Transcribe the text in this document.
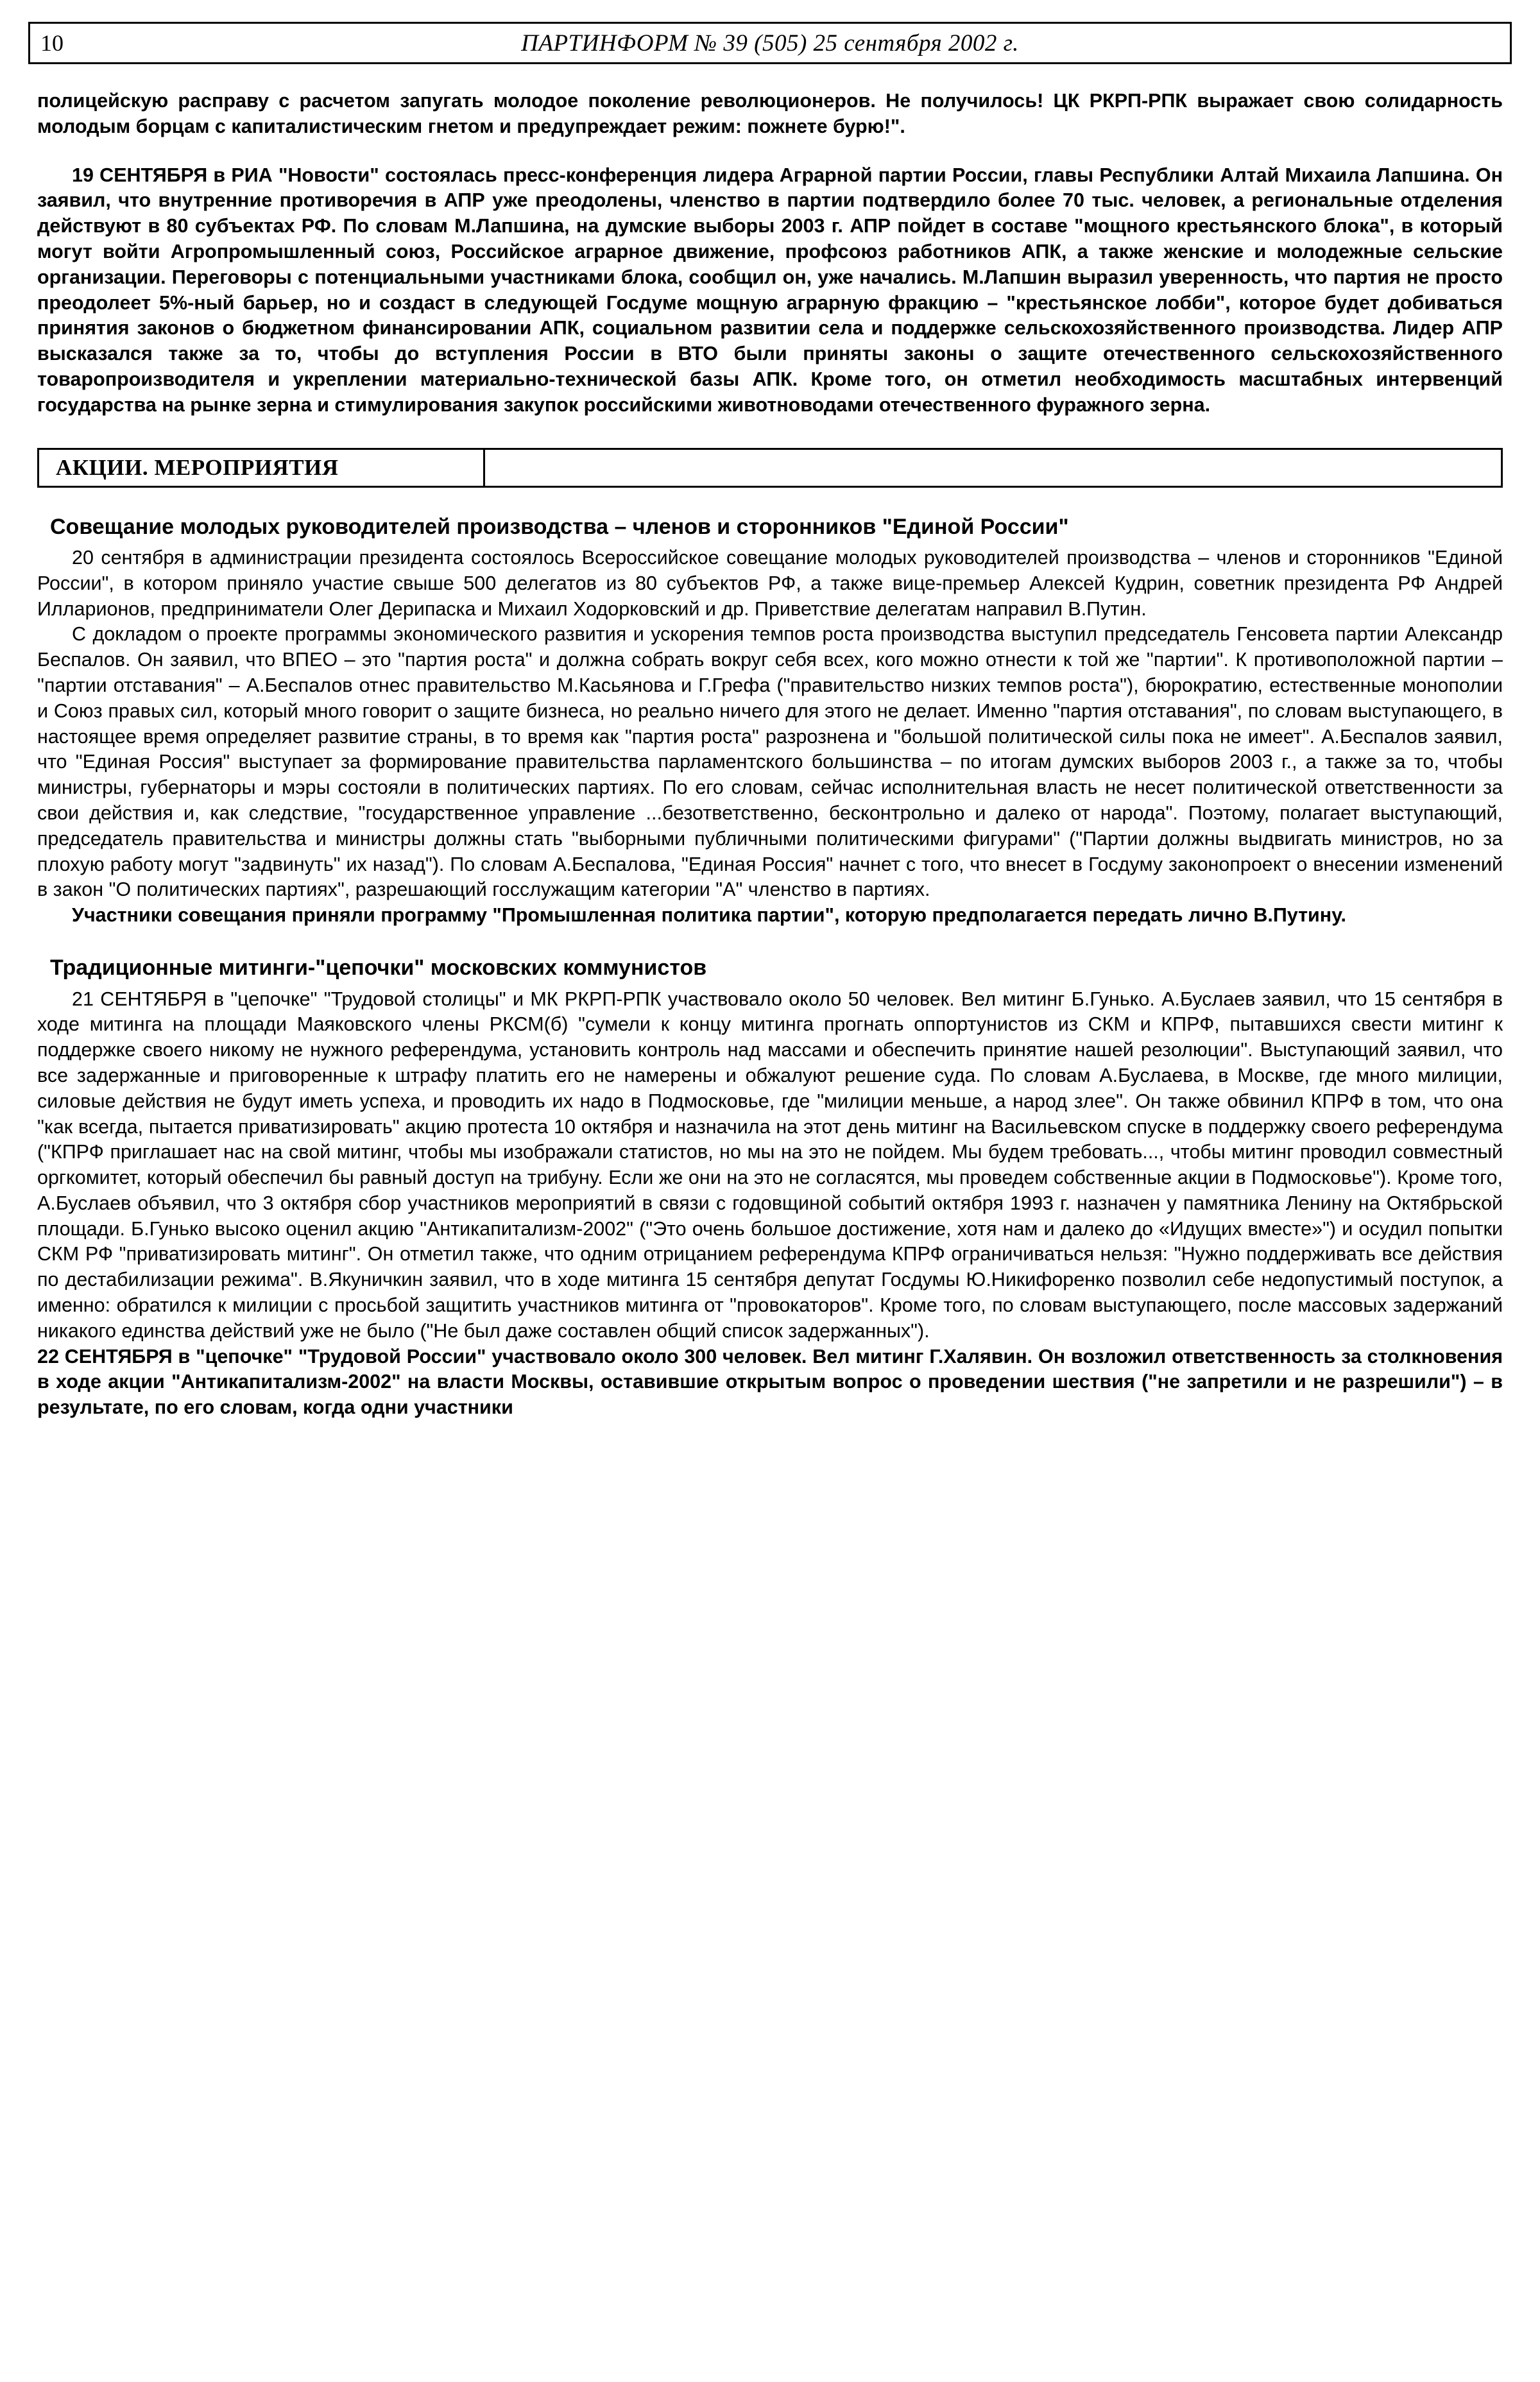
10	ПАРТИНФОРМ № 39 (505) 25 сентября 2002 г.

полицейскую расправу с расчетом запугать молодое поколение революционеров. Не получилось! ЦК РКРП-РПК выражает свою солидарность молодым борцам с капиталистическим гнетом и предупреждает режим: пожнете бурю!".

19 СЕНТЯБРЯ в РИА "Новости" состоялась пресс-конференция лидера Аграрной партии России, главы Республики Алтай Михаила Лапшина. Он заявил, что внутренние противоречия в АПР уже преодолены, членство в партии подтвердило более 70 тыс. человек, а региональные отделения действуют в 80 субъектах РФ. По словам М.Лапшина, на думские выборы 2003 г. АПР пойдет в составе "мощного крестьянского блока", в который могут войти Агропромышленный союз, Российское аграрное движение, профсоюз работников АПК, а также женские и молодежные сельские организации. Переговоры с потенциальными участниками блока, сообщил он, уже начались. М.Лапшин выразил уверенность, что партия не просто преодолеет 5%-ный барьер, но и создаст в следующей Госдуме мощную аграрную фракцию – "крестьянское лобби", которое будет добиваться принятия законов о бюджетном финансировании АПК, социальном развитии села и поддержке сельскохозяйственного производства. Лидер АПР высказался также за то, чтобы до вступления России в ВТО были приняты законы о защите отечественного сельскохозяйственного товаропроизводителя и укреплении материально-технической базы АПК. Кроме того, он отметил необходимость масштабных интервенций государства на рынке зерна и стимулирования закупок российскими животноводами отечественного фуражного зерна.

АКЦИИ. МЕРОПРИЯТИЯ
Совещание молодых руководителей производства – членов и сторонников "Единой России"

20 сентября в администрации президента состоялось Всероссийское совещание молодых руководителей производства – членов и сторонников "Единой России", в котором приняло участие свыше 500 делегатов из 80 субъектов РФ, а также вице-премьер Алексей Кудрин, советник президента РФ Андрей Илларионов, предприниматели Олег Дерипаска и Михаил Ходорковский и др. Приветствие делегатам направил В.Путин.

С докладом о проекте программы экономического развития и ускорения темпов роста производства выступил председатель Генсовета партии Александр Беспалов. Он заявил, что ВПЕО – это "партия роста" и должна собрать вокруг себя всех, кого можно отнести к той же "партии". К противоположной партии – "партии отставания" – А.Беспалов отнес правительство М.Касьянова и Г.Грефа ("правительство низких темпов роста"), бюрократию, естественные монополии и Союз правых сил, который много говорит о защите бизнеса, но реально ничего для этого не делает. Именно "партия отставания", по словам выступающего, в настоящее время определяет развитие страны, в то время как "партия роста" разрознена и "большой политической силы пока не имеет". А.Беспалов заявил, что "Единая Россия" выступает за формирование правительства парламентского большинства – по итогам думских выборов 2003 г., а также за то, чтобы министры, губернаторы и мэры состояли в политических партиях. По его словам, сейчас исполнительная власть не несет политической ответственности за свои действия и, как следствие, "государственное управление ...безответственно, бесконтрольно и далеко от народа". Поэтому, полагает выступающий, председатель правительства и министры должны стать "выборными публичными политическими фигурами" ("Партии должны выдвигать министров, но за плохую работу могут "задвинуть" их назад"). По словам А.Беспалова, "Единая Россия" начнет с того, что внесет в Госдуму законопроект о внесении изменений в закон "О политических партиях", разрешающий госслужащим категории "А" членство в партиях.

Участники совещания приняли программу "Промышленная политика партии", которую предполагается передать лично В.Путину.

Традиционные митинги-"цепочки" московских коммунистов

21 СЕНТЯБРЯ в "цепочке" "Трудовой столицы" и МК РКРП-РПК участвовало около 50 человек. Вел митинг Б.Гунько. А.Буслаев заявил, что 15 сентября в ходе митинга на площади Маяковского члены РКСМ(б) "сумели к концу митинга прогнать оппортунистов из СКМ и КПРФ, пытавшихся свести митинг к поддержке своего никому не нужного референдума, установить контроль над массами и обеспечить принятие нашей резолюции". Выступающий заявил, что все задержанные и приговоренные к штрафу платить его не намерены и обжалуют решение суда. По словам А.Буслаева, в Москве, где много милиции, силовые действия не будут иметь успеха, и проводить их надо в Подмосковье, где "милиции меньше, а народ злее". Он также обвинил КПРФ в том, что она "как всегда, пытается приватизировать" акцию протеста 10 октября и назначила на этот день митинг на Васильевском спуске в поддержку своего референдума ("КПРФ приглашает нас на свой митинг, чтобы мы изображали статистов, но мы на это не пойдем. Мы будем требовать..., чтобы митинг проводил совместный оргкомитет, который обеспечил бы равный доступ на трибуну. Если же они на это не согласятся, мы проведем собственные акции в Подмосковье"). Кроме того, А.Буслаев объявил, что 3 октября сбор участников мероприятий в связи с годовщиной событий октября 1993 г. назначен у памятника Ленину на Октябрьской площади. Б.Гунько высоко оценил акцию "Антикапитализм-2002" ("Это очень большое достижение, хотя нам и далеко до «Идущих вместе»") и осудил попытки СКМ РФ "приватизировать митинг". Он отметил также, что одним отрицанием референдума КПРФ ограничиваться нельзя: "Нужно поддерживать все действия по дестабилизации режима". В.Якуничкин заявил, что в ходе митинга 15 сентября депутат Госдумы Ю.Никифоренко позволил себе недопустимый поступок, а именно: обратился к милиции с просьбой защитить участников митинга от "провокаторов". Кроме того, по словам выступающего, после массовых задержаний никакого единства действий уже не было ("Не был даже составлен общий список задержанных").

22 СЕНТЯБРЯ в "цепочке" "Трудовой России" участвовало около 300 человек. Вел митинг Г.Халявин. Он возложил ответственность за столкновения в ходе акции "Антикапитализм-2002" на власти Москвы, оставившие открытым вопрос о проведении шествия ("не запретили и не разрешили") – в результате, по его словам, когда одни участники
